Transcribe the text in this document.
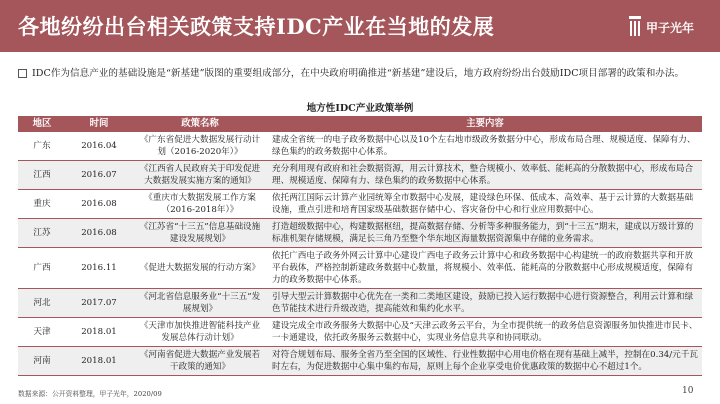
各地纷纷出台相关政策支持IDC产业在当地的发展	甲子光年
IDC作为信息产业的基础设施是“新基建”版图的重要组成部分，在中央政府明确推进“新基建”建设后，地方政府纷纷出台鼓励IDC项目部署的政策和办法。
地方性IDC产业政策举例
地区	时间	政策名称	主要内容
广东	2016.04	《广东省促进大数据发展行动计划（2016-2020年）》	建成全省统一的电子政务数据中心以及10个左右地市级政务数据分中心，形成布局合理、规模适度、保障有力、绿色集约的政务数据中心体系。
江西	2016.07	《江西省人民政府关于印发促进大数据发展实施方案的通知》	充分利用现有政府和社会数据资源，用云计算技术，整合规模小、效率低、能耗高的分散数据中心，形成布局合理、规模适度、保障有力、绿色集约的政务数据中心体系。
重庆	2016.08	《重庆市大数据发展工作方案（2016-2018年）》	依托两江国际云计算产业园统筹全市数据中心发展，建设绿色环保、低成本、高效率、基于云计算的大数据基础设施，重点引进和培育国家级基础数据存储中心、容灾备份中心和行业应用数据中心。
江苏	2016.08	《江苏省“十三五”信息基础设施建设发展规划》	打造超级数据中心，构建数据枢纽，提高数据存储、分析等多种服务能力，到“十三五”期末，建成以万级计算的标准机架存储规模，满足长三角乃至整个华东地区海量数据资源集中存储的业务需求。
广西	2016.11	《促进大数据发展的行动方案》	依托广西电子政务外网云计算中心建设广西电子政务云计算中心和政务数据中心构建统一的政府数据共享和开放平台载体，严格控制新建政务数据中心数量，将规模小、效率低、能耗高的分散数据中心形成规模适度，保障有力的政务数据中心体系。
河北	2017.07	《河北省信息服务业“十三五”发展规划》	引导大型云计算数据中心优先在一类和二类地区建设，鼓励已投入运行数据中心进行资源整合，利用云计算和绿色节能技术进行升级改造，提高能效和集约化水平。
天津	2018.01	《天津市加快推进智能科技产业发展总体行动计划》	建设完成全市政务服务大数据中心及“天津云政务云平台，为全市提供统一的政务信息资源服务加快推进市民卡、一卡通建设，依托政务服务云数据中心，实现业务信息共享和协同联动。
河南	2018.01	《河南省促进大数据产业发展若干政策的通知》	对符合规划布局、服务全省乃至全国的区域性、行业性数据中心用电价格在现有基础上减半，控制在0.34/元千瓦时左右，为促进数据中心集中集约布局，原则上每个企业享受电价优惠政策的数据中心不超过1个。
数据来源：公开资料整理，甲子光年，2020/09	10
